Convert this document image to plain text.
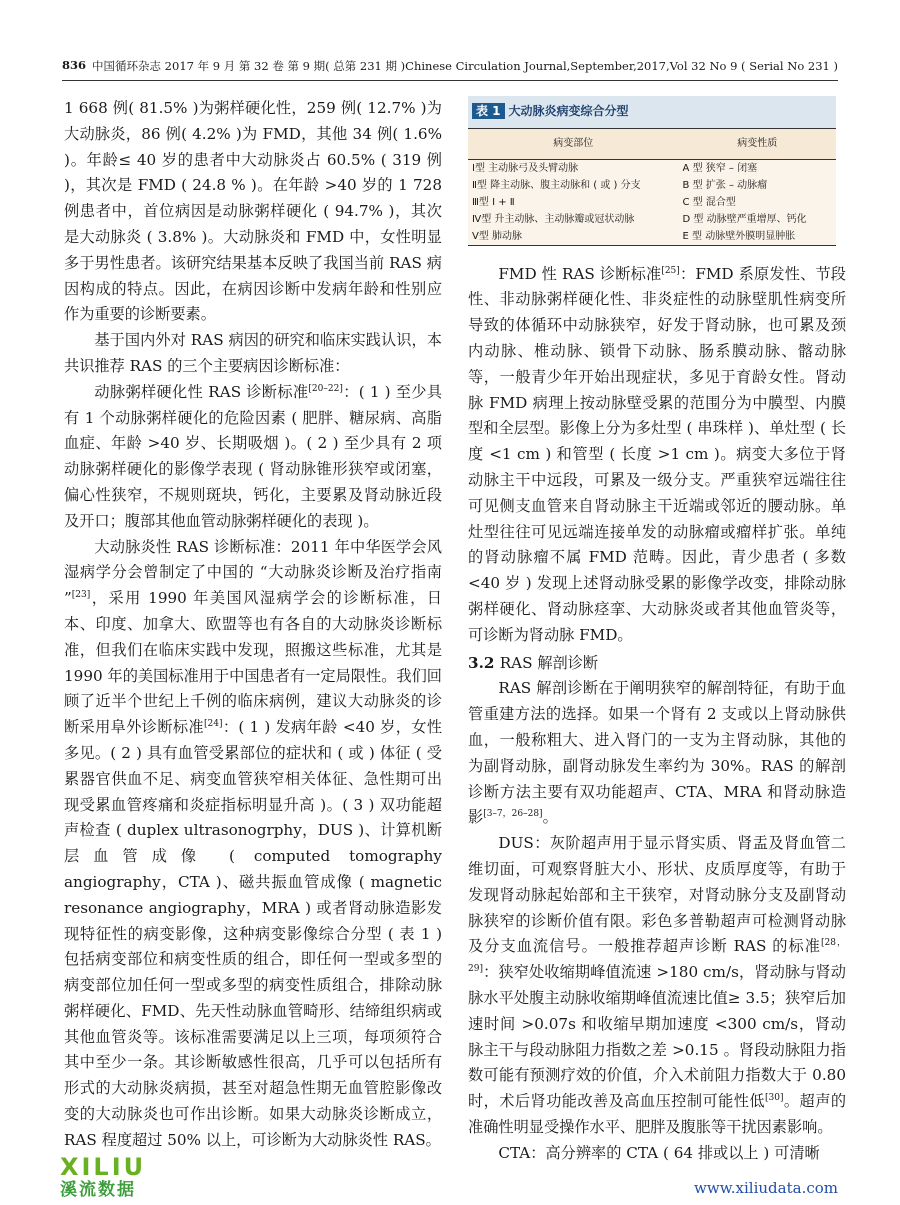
836 中国循环杂志 2017 年 9 月 第 32 卷 第 9 期( 总第 231 期 )Chinese Circulation Journal,September,2017,Vol 32 No 9 ( Serial No 231 )

1 668 例( 81.5% )为粥样硬化性，259 例( 12.7% )为大动脉炎，86 例( 4.2% )为 FMD，其他 34 例( 1.6% )。年龄≤ 40 岁的患者中大动脉炎占 60.5% ( 319 例 )，其次是 FMD ( 24.8 % )。在年龄 >40 岁的 1 728 例患者中，首位病因是动脉粥样硬化 ( 94.7% )，其次是大动脉炎 ( 3.8% )。大动脉炎和 FMD 中，女性明显多于男性患者。该研究结果基本反映了我国当前 RAS 病因构成的特点。因此，在病因诊断中发病年龄和性别应作为重要的诊断要素。

基于国内外对 RAS 病因的研究和临床实践认识，本共识推荐 RAS 的三个主要病因诊断标准：

动脉粥样硬化性 RAS 诊断标准[20–22]：( 1 ) 至少具有 1 个动脉粥样硬化的危险因素 ( 肥胖、糖尿病、高脂血症、年龄 >40 岁、长期吸烟 )。( 2 ) 至少具有 2 项动脉粥样硬化的影像学表现 ( 肾动脉锥形狭窄或闭塞，偏心性狭窄，不规则斑块，钙化，主要累及肾动脉近段及开口；腹部其他血管动脉粥样硬化的表现 )。

大动脉炎性 RAS 诊断标准：2011 年中华医学会风湿病学分会曾制定了中国的 “大动脉炎诊断及治疗指南 ”[23]，采用 1990 年美国风湿病学会的诊断标准，日本、印度、加拿大、欧盟等也有各自的大动脉炎诊断标准，但我们在临床实践中发现，照搬这些标准，尤其是 1990 年的美国标准用于中国患者有一定局限性。我们回顾了近半个世纪上千例的临床病例，建议大动脉炎的诊断采用阜外诊断标准[24]：( 1 ) 发病年龄 <40 岁，女性多见。( 2 ) 具有血管受累部位的症状和 ( 或 ) 体征 ( 受累器官供血不足、病变血管狭窄相关体征、急性期可出现受累血管疼痛和炎症指标明显升高 )。( 3 ) 双功能超声检查 ( duplex ultrasonogrphy，DUS )、计算机断层血管成像 ( computed tomography angiography，CTA )、磁共振血管成像 ( magnetic resonance angiography，MRA ) 或者肾动脉造影发现特征性的病变影像，这种病变影像综合分型 ( 表 1 ) 包括病变部位和病变性质的组合，即任何一型或多型的病变部位加任何一型或多型的病变性质组合，排除动脉粥样硬化、FMD、先天性动脉血管畸形、结缔组织病或其他血管炎等。该标准需要满足以上三项，每项须符合其中至少一条。其诊断敏感性很高，几乎可以包括所有形式的大动脉炎病损，甚至对超急性期无血管腔影像改变的大动脉炎也可作出诊断。如果大动脉炎诊断成立，RAS 程度超过 50% 以上，可诊断为大动脉炎性 RAS。

表 1 大动脉炎病变综合分型
病变部位	病变性质
Ⅰ型 主动脉弓及头臂动脉	A 型 狭窄 – 闭塞
Ⅱ型 降主动脉、腹主动脉和 ( 或 ) 分支	B 型 扩张 – 动脉瘤
Ⅲ型 Ⅰ + Ⅱ	C 型 混合型
Ⅳ型 升主动脉、主动脉瓣或冠状动脉	D 型 动脉壁严重增厚、钙化
Ⅴ型 肺动脉	E 型 动脉壁外膜明显肿胀

FMD 性 RAS 诊断标准[25]：FMD 系原发性、节段性、非动脉粥样硬化性、非炎症性的动脉壁肌性病变所导致的体循环中动脉狭窄，好发于肾动脉，也可累及颈内动脉、椎动脉、锁骨下动脉、肠系膜动脉、髂动脉等，一般青少年开始出现症状，多见于育龄女性。肾动脉 FMD 病理上按动脉壁受累的范围分为中膜型、内膜型和全层型。影像上分为多灶型 ( 串珠样 )、单灶型 ( 长度 <1 cm ) 和管型 ( 长度 >1 cm )。病变大多位于肾动脉主干中远段，可累及一级分支。严重狭窄远端往往可见侧支血管来自肾动脉主干近端或邻近的腰动脉。单灶型往往可见远端连接单发的动脉瘤或瘤样扩张。单纯的肾动脉瘤不属 FMD 范畴。因此，青少患者 ( 多数 <40 岁 ) 发现上述肾动脉受累的影像学改变，排除动脉粥样硬化、肾动脉痉挛、大动脉炎或者其他血管炎等，可诊断为肾动脉 FMD。

3.2 RAS 解剖诊断

RAS 解剖诊断在于阐明狭窄的解剖特征，有助于血管重建方法的选择。如果一个肾有 2 支或以上肾动脉供血，一般称粗大、进入肾门的一支为主肾动脉，其他的为副肾动脉，副肾动脉发生率约为 30%。RAS 的解剖诊断方法主要有双功能超声、CTA、MRA 和肾动脉造影[3–7，26–28]。

DUS：灰阶超声用于显示肾实质、肾盂及肾血管二维切面，可观察肾脏大小、形状、皮质厚度等，有助于发现肾动脉起始部和主干狭窄，对肾动脉分支及副肾动脉狭窄的诊断价值有限。彩色多普勒超声可检测肾动脉及分支血流信号。一般推荐超声诊断 RAS 的标准[28，29]：狭窄处收缩期峰值流速 >180 cm/s，肾动脉与肾动脉水平处腹主动脉收缩期峰值流速比值≥ 3.5；狭窄后加速时间 >0.07s 和收缩早期加速度 <300 cm/s，肾动脉主干与段动脉阻力指数之差 >0.15 。肾段动脉阻力指数可能有预测疗效的价值，介入术前阻力指数大于 0.80 时，术后肾功能改善及高血压控制可能性低[30]。超声的准确性明显受操作水平、肥胖及腹胀等干扰因素影响。

CTA：高分辨率的 CTA ( 64 排或以上 ) 可清晰

XILIU
溪流数据	www.xiliudata.com
